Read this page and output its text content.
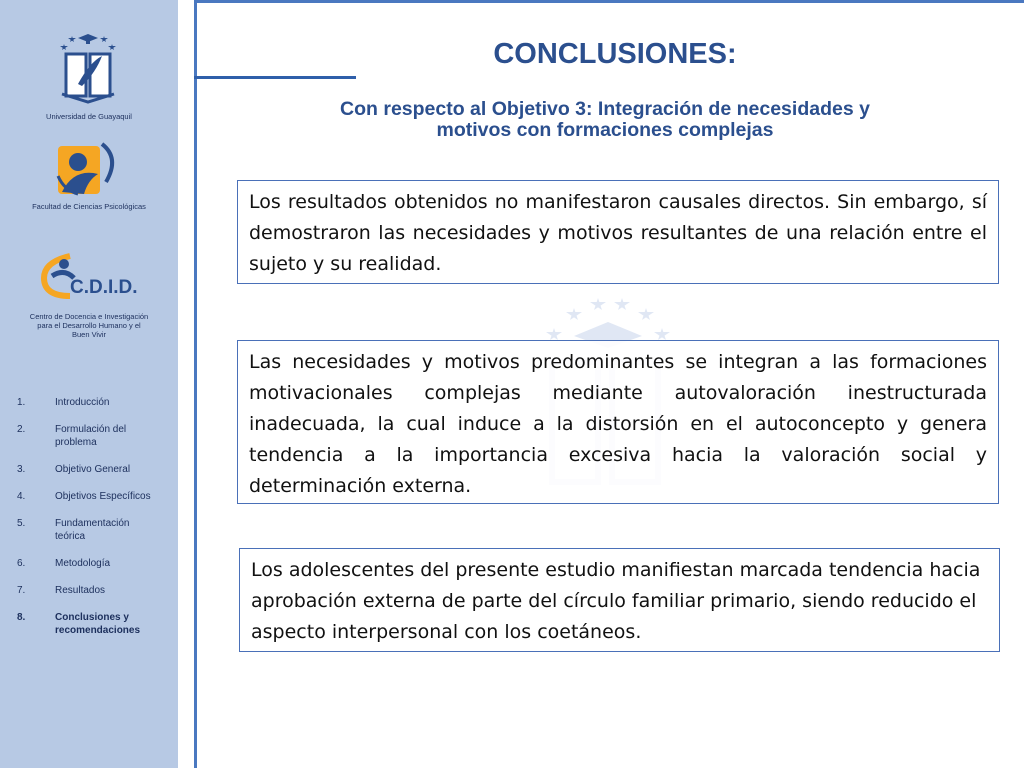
Universidad de Guayaquil
Facultad de Ciencias Psicológicas
C.D.I.D.
Centro de Docencia e Investigación para el Desarrollo Humano y el Buen Vivir
1.	Introducción
2.	Formulación del problema
3.	Objetivo General
4.	Objetivos Específicos
5.	Fundamentación teórica
6.	Metodología
7.	Resultados
8.	Conclusiones y recomendaciones
CONCLUSIONES:
Con respecto al Objetivo 3: Integración de necesidades y
motivos con formaciones complejas

Los resultados obtenidos no manifestaron causales directos. Sin embargo, sí demostraron las necesidades y motivos resultantes de una relación entre el sujeto y su realidad.

Las necesidades y motivos predominantes se integran a las formaciones motivacionales complejas mediante autovaloración inestructurada inadecuada, la cual induce a la distorsión en el autoconcepto y genera tendencia a la importancia excesiva hacia la valoración social y determinación externa.

Los adolescentes del presente estudio manifiestan marcada tendencia hacia aprobación externa de parte del círculo familiar primario, siendo reducido el aspecto interpersonal con los coetáneos.
